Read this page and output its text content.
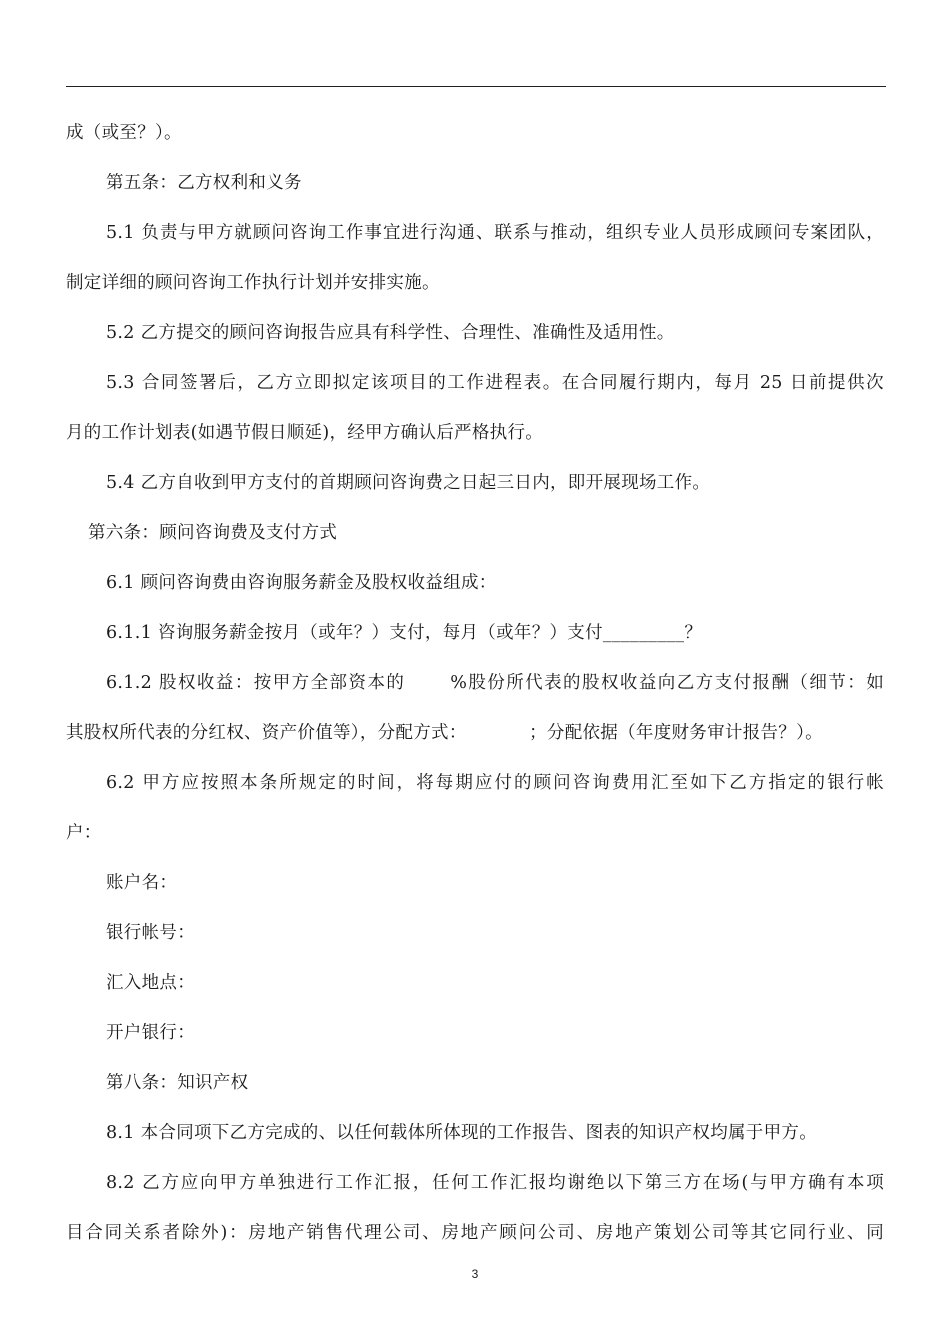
成（或至？）。
第五条：乙方权利和义务
5.1 负责与甲方就顾问咨询工作事宜进行沟通、联系与推动，组织专业人员形成顾问专案团队，
制定详细的顾问咨询工作执行计划并安排实施。
5.2 乙方提交的顾问咨询报告应具有科学性、合理性、准确性及适用性。
5.3 合同签署后，乙方立即拟定该项目的工作进程表。在合同履行期内，每月 25 日前提供次
月的工作计划表(如遇节假日顺延)，经甲方确认后严格执行。
5.4 乙方自收到甲方支付的首期顾问咨询费之日起三日内，即开展现场工作。
第六条：顾问咨询费及支付方式
6.1 顾问咨询费由咨询服务薪金及股权收益组成：
6.1.1 咨询服务薪金按月（或年？）支付，每月（或年？）支付_________？
6.1.2 股权收益：按甲方全部资本的　　 %股份所代表的股权收益向乙方支付报酬（细节：如
其股权所代表的分红权、资产价值等），分配方式：　　　　；分配依据（年度财务审计报告？）。
6.2 甲方应按照本条所规定的时间，将每期应付的顾问咨询费用汇至如下乙方指定的银行帐
户：
账户名：
银行帐号：
汇入地点：
开户银行：
第八条：知识产权
8.1 本合同项下乙方完成的、以任何载体所体现的工作报告、图表的知识产权均属于甲方。
8.2 乙方应向甲方单独进行工作汇报，任何工作汇报均谢绝以下第三方在场(与甲方确有本项
目合同关系者除外)：房地产销售代理公司、房地产顾问公司、房地产策划公司等其它同行业、同
3
